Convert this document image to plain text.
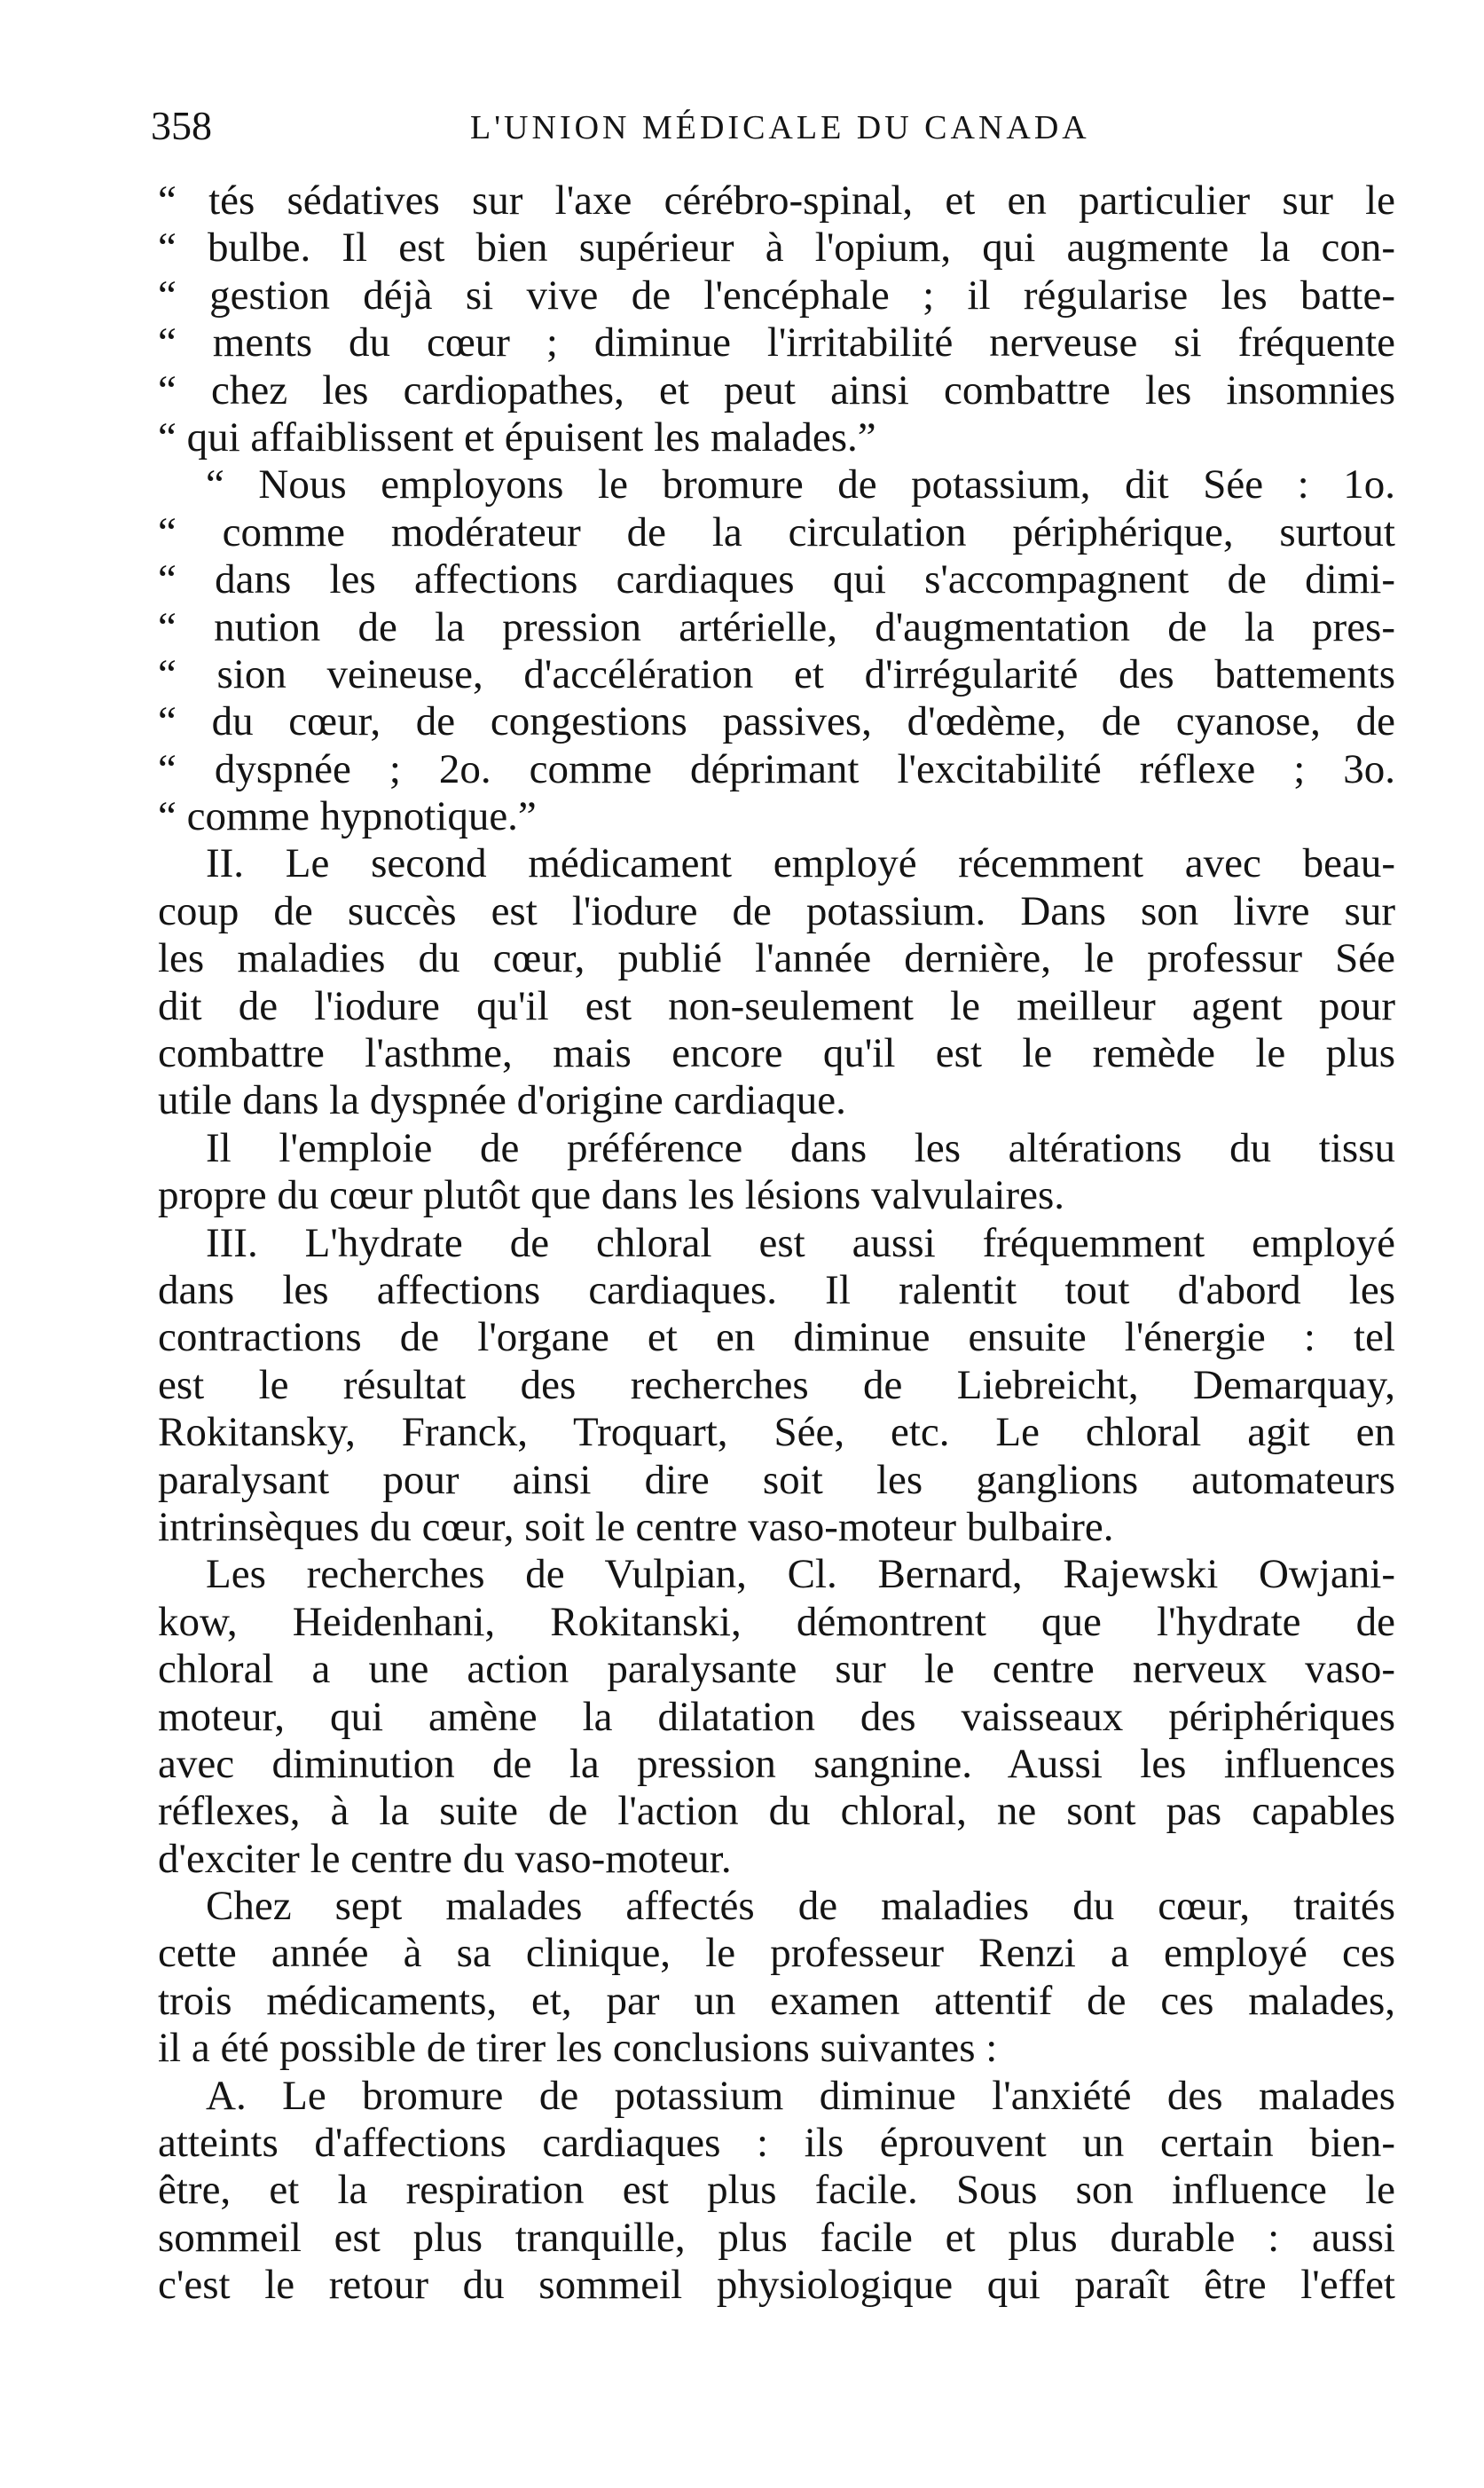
358	L'UNION MÉDICALE DU CANADA
“ tés sédatives sur l'axe cérébro-spinal, et en particulier sur le
“ bulbe. Il est bien supérieur à l'opium, qui augmente la con-
“ gestion déjà si vive de l'encéphale ; il régularise les batte-
“ ments du cœur ; diminue l'irritabilité nerveuse si fréquente
“ chez les cardiopathes, et peut ainsi combattre les insomnies
“ qui affaiblissent et épuisent les malades.”
“ Nous employons le bromure de potassium, dit Sée : 1o.
“ comme modérateur de la circulation périphérique, surtout
“ dans les affections cardiaques qui s'accompagnent de dimi-
“ nution de la pression artérielle, d'augmentation de la pres-
“ sion veineuse, d'accélération et d'irrégularité des battements
“ du cœur, de congestions passives, d'œdème, de cyanose, de
“ dyspnée ; 2o. comme déprimant l'excitabilité réflexe ; 3o.
“ comme hypnotique.”
II. Le second médicament employé récemment avec beau-
coup de succès est l'iodure de potassium. Dans son livre sur
les maladies du cœur, publié l'année dernière, le professur Sée
dit de l'iodure qu'il est non-seulement le meilleur agent pour
combattre l'asthme, mais encore qu'il est le remède le plus
utile dans la dyspnée d'origine cardiaque.
Il l'emploie de préférence dans les altérations du tissu
propre du cœur plutôt que dans les lésions valvulaires.
III. L'hydrate de chloral est aussi fréquemment employé
dans les affections cardiaques. Il ralentit tout d'abord les
contractions de l'organe et en diminue ensuite l'énergie : tel
est le résultat des recherches de Liebreicht, Demarquay,
Rokitansky, Franck, Troquart, Sée, etc. Le chloral agit en
paralysant pour ainsi dire soit les ganglions automateurs
intrinsèques du cœur, soit le centre vaso-moteur bulbaire.
Les recherches de Vulpian, Cl. Bernard, Rajewski Owjani-
kow, Heidenhani, Rokitanski, démontrent que l'hydrate de
chloral a une action paralysante sur le centre nerveux vaso-
moteur, qui amène la dilatation des vaisseaux périphériques
avec diminution de la pression sangnine. Aussi les influences
réflexes, à la suite de l'action du chloral, ne sont pas capables
d'exciter le centre du vaso-moteur.
Chez sept malades affectés de maladies du cœur, traités
cette année à sa clinique, le professeur Renzi a employé ces
trois médicaments, et, par un examen attentif de ces malades,
il a été possible de tirer les conclusions suivantes :
A. Le bromure de potassium diminue l'anxiété des malades
atteints d'affections cardiaques : ils éprouvent un certain bien-
être, et la respiration est plus facile. Sous son influence le
sommeil est plus tranquille, plus facile et plus durable : aussi
c'est le retour du sommeil physiologique qui paraît être l'effet
